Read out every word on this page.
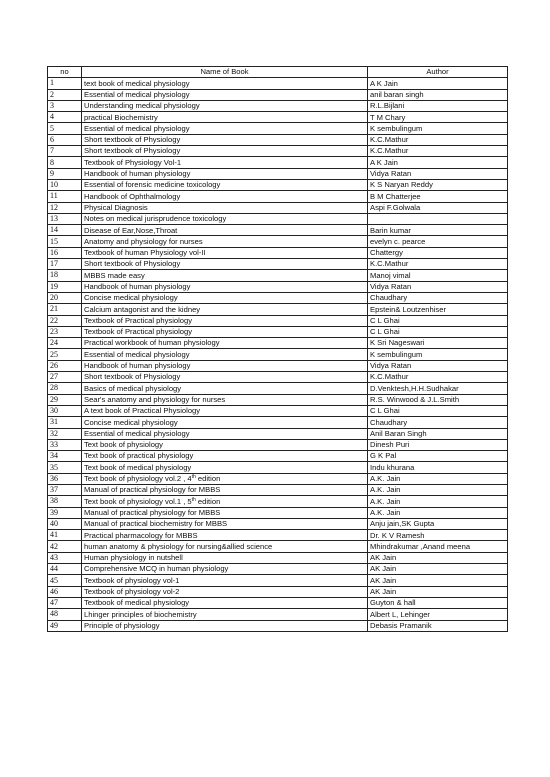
no	Name of Book	Author
1	text book of medical physiology	A K Jain
2	Essential of medical physiology	anil baran singh
3	Understanding medical physiology	R.L.Bijlani
4	practical Biochemistry	T M Chary
5	Essential of medical physiology	K sembulingum
6	Short textbook of Physiology	K.C.Mathur
7	Short textbook of Physiology	K.C.Mathur
8	Textbook of Physiology Vol-1	A K Jain
9	Handbook of human physiology	Vidya Ratan
10	Essential of forensic medicine toxicology	K S Naryan Reddy
11	Handbook of Ophthalmology	B M Chatterjee
12	Physical Diagnosis	Aspi F.Golwala
13	Notes on medical jurisprudence toxicology	
14	Disease of Ear,Nose,Throat	Barin kumar
15	Anatomy and physiology for nurses	evelyn c. pearce
16	Textbook of human Physiology vol-II	Chattergy
17	Short textbook of Physiology	K.C.Mathur
18	MBBS made easy	Manoj vimal
19	Handbook of human physiology	Vidya Ratan
20	Concise medical physiology	Chaudhary
21	Calcium antagonist and the kidney	Epstein& Loutzenhiser
22	Textbook of Practical physiology	C L Ghai
23	Textbook of Practical physiology	C L Ghai
24	Practical workbook of human physiology	K Sri Nageswari
25	Essential of medical physiology	K sembulingum
26	Handbook of human physiology	Vidya Ratan
27	Short textbook of Physiology	K.C.Mathur
28	Basics of medical physiology	D.Venktesh,H.H.Sudhakar
29	Sear's anatomy and physiology for nurses	R.S. Winwood & J.L.Smith
30	A text book of Practical Physiology	C L Ghai
31	Concise medical physiology	Chaudhary
32	Essential of medical physiology	Anil Baran Singh
33	Text book of physiology	Dinesh Puri
34	Text book of practical physiology	G K Pal
35	Text book of medical physiology	Indu khurana
36	Text book of physiology vol.2 , 4th edition	A.K. Jain
37	Manual of practical physiology for MBBS	A.K. Jain
38	Text book of physiology vol.1 , 5th edition	A.K. Jain
39	Manual of practical physiology for MBBS	A.K. Jain
40	Manual of practical biochemistry for MBBS	Anju jain,SK Gupta
41	Practical pharmacology for MBBS	Dr. K V Ramesh
42	human anatomy & physiology for nursing&allied science	Mhindrakumar ,Anand meena
43	Human physiology in nutshell	AK Jain
44	Comprehensive MCQ in human physiology	AK Jain
45	Textbook of physiology vol-1	AK Jain
46	Textbook of physiology vol-2	AK Jain
47	Textbook of medical physiology	Guyton & hall
48	Lhinger principles of biochemistry	Albert L, Lehinger
49	Principle of physiology	Debasis Pramanik
